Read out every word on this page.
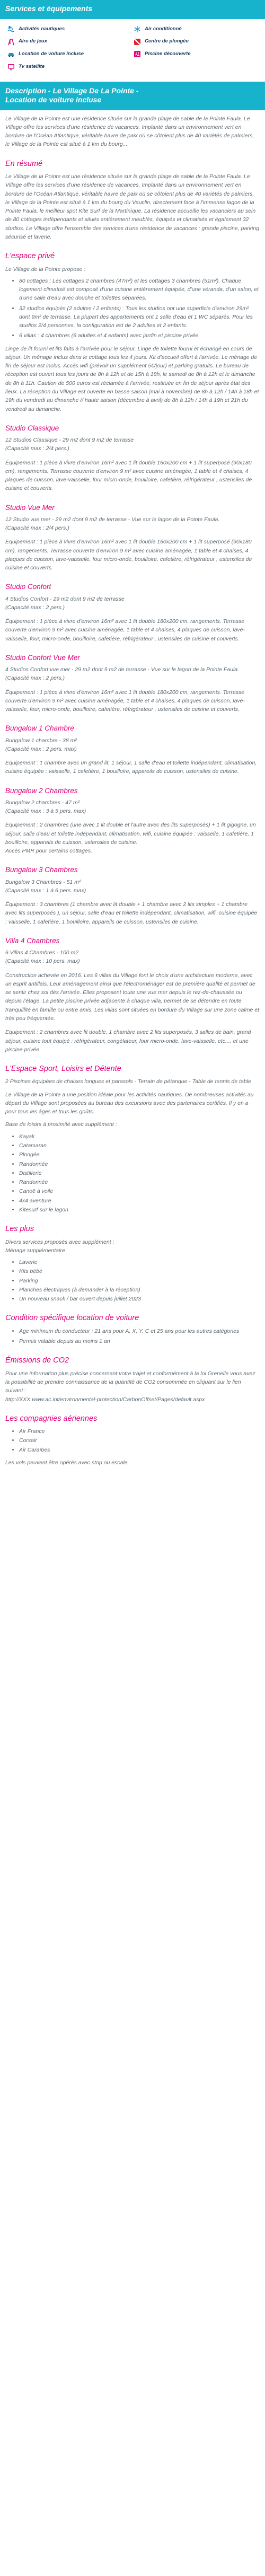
Services et équipements
Activités nautiques	Air conditionné
Aire de jeux	Centre de plongée
Location de voiture incluse	Piscine découverte
Tv satellite
Description - Le Village De La Pointe -
Location de voiture incluse

Le Village de la Pointe est une résidence située sur la grande plage de sable de la Pointe Faula. Le Village offre les services d'une résidence de vacances. Implanté dans un environnement vert en bordure de l'Océan Atlantique, véritable havre de paix où se côtoient plus de 40 variétés de palmiers, le Village de la Pointe est situé à 1 km du bourg...

En résumé

Le Village de la Pointe est une résidence située sur la grande plage de sable de la Pointe Faula. Le Village offre les services d'une résidence de vacances. Implanté dans un environnement vert en bordure de l'Océan Atlantique, véritable havre de paix où se côtoient plus de 40 variétés de palmiers, le Village de la Pointe est situé à 1 km du bourg du Vauclin, directement face à l'immense lagon de la Pointe Faula, le meilleur spot Kite Surf de la Martinique. La résidence accueille les vacanciers au sein de 80 cottages indépendants et situés entièrement meublés, équipés et climatisés et également 32 studios. Le Village offre l'ensemble des services d'une résidence de vacances : grande piscine, parking sécurisé et laverie.

L'espace privé

Le Village de la Pointe propose :

• 80 cottages : Les cottages 2 chambres (47m²) et les cottages 3 chambres (51m²). Chaque logement climatisé est composé d'une cuisine entièrement équipée, d'une véranda, d'un salon, et d'une salle d'eau avec douche et toilettes séparées.
• 32 studios équipés (2 adultes / 2 enfants) : Tous les studios ont une superficie d'environ 29m² dont 9m² de terrasse. La plupart des appartements ont 1 salle d'eau et 1 WC séparés. Pour les studios 2/4 personnes, la configuration est de 2 adultes et 2 enfants.
• 6 villas : 4 chambres (6 adultes et 4 enfants) avec jardin et piscine privée

Linge de lit fourni et lits faits à l'arrivée pour le séjour. Linge de toilette fourni et échangé en cours de séjour. Un ménage inclus dans le cottage tous les 4 jours. Kit d'accueil offert à l'arrivée. Le ménage de fin de séjour est inclus. Accès wifi (prévoir un supplément 5€/jour) et parking gratuits. Le bureau de réception est ouvert tous les jours de 8h à 12h et de 15h à 18h, le samedi de 8h à 12h et le dimanche de 8h à 11h. Caution de 500 euros est réclamée à l'arrivée, restituée en fin de séjour après état des lieux. La réception du Village est ouverte en basse saison (mai à novembre) de 8h à 12h / 14h à 18h et 19h du vendredi au dimanche // haute saison (décembre à avril) de 8h à 12h / 14h à 19h et 21h du vendredi au dimanche.

Studio Classique

12 Studios Classique - 29 m2 dont 9 m2 de terrasse

(Capacité max : 2/4 pers.)

Équipement : 1 pièce à vivre d'environ 16m² avec 1 lit double 160x200 cm + 1 lit superposé (90x180 cm), rangements. Terrasse couverte d'environ 9 m² avec cuisine aménagée, 1 table et 4 chaises, 4 plaques de cuisson, lave-vaisselle, four micro-onde, bouilloire, cafetière, réfrigérateur , ustensiles de cuisine et couverts.

Studio Vue Mer

12 Studio vue mer - 29 m2 dont 9 m2 de terrasse - Vue sur le lagon de la Pointe Faula.

(Capacité max : 2/4 pers.)

Equipement : 1 pièce à vivre d'environ 16m² avec 1 lit double 160x200 cm + 1 lit superposé (90x180 cm), rangements. Terrasse couverte d'environ 9 m² avec cuisine aménagée, 1 table et 4 chaises, 4 plaques de cuisson, lave-vaisselle, four micro-onde, bouilloire, cafetière, réfrigérateur , ustensiles de cuisine et couverts.

Studio Confort

4 Studios Confort - 29 m2 dont 9 m2 de terrasse

(Capacité max : 2 pers.)

Équipement : 1 pièce à vivre d'environ 16m² avec 1 lit double 180x200 cm, rangements. Terrasse couverte d'environ 9 m² avec cuisine aménagée, 1 table et 4 chaises, 4 plaques de cuisson, lave-vaisselle, four, micro-onde, bouilloire, cafetière, réfrigérateur , ustensiles de cuisine et couverts.

Studio Confort Vue Mer

4 Studios Confort vue mer - 29 m2 dont 9 m2 de terrasse - Vue sur le lagon de la Pointe Faula.

(Capacité max : 2 pers.)

Équipement : 1 pièce à vivre d'environ 16m² avec 1 lit double 180x200 cm, rangements. Terrasse couverte d'environ 9 m² avec cuisine aménagée, 1 table et 4 chaises, 4 plaques de cuisson, lave-vaisselle, four, micro-onde, bouilloire, cafetière, réfrigérateur , ustensiles de cuisine et couverts.

Bungalow 1 Chambre

Bungalow 1 chambre - 38 m²

(Capacité max : 2 pers. max)

Équipement : 1 chambre avec un grand lit, 1 séjour, 1 salle d'eau et toilette indépendant, climatisation, cuisine équipée : vaisselle, 1 cafetière, 1 bouilloire, appareils de cuisson, ustensiles de cuisine.

Bungalow 2 Chambres

Bungalow 2 chambres - 47 m²

(Capacité max : 3 à 5 pers. max)

Équipement : 2 chambres (une avec 1 lit double et l'autre avec des lits superposés) + 1 lit gigogne, un séjour, salle d'eau et toilette indépendant, climatisation, wifi, cuisine équipée : vaisselle, 1 cafetière, 1 bouilloire, appareils de cuisson, ustensiles de cuisine.

Accès PMR pour certains cottages.

Bungalow 3 Chambres

Bungalow 3 Chambres - 51 m²

(Capacité max : 1 à 6 pers. max)

Équipement : 3 chambres (1 chambre avec lit double + 1 chambre avec 2 lits simples + 1 chambre avec lits superposés ), un séjour, salle d'eau et toilette indépendant, climatisation, wifi, cuisine équipée : vaisselle, 1 cafetière, 1 bouilloire, appareils de cuisson, ustensiles de cuisine.

Villa 4 Chambres

6 Villas 4 Chambres - 100 m2

(Capacité max : 10 pers. max)

Construction achevée en 2016. Les 6 villas du Village font le choix d'une architecture moderne, avec un esprit antillais. Leur aménagement ainsi que l'électroménager est de première qualité et permet de se sentir chez soi dès l'arrivée. Elles proposent toute une vue mer depuis le rez-de-chaussée ou depuis l'étage. La petite piscine privée adjacente à chaque villa, permet de se détendre en toute tranquillité en famille ou entre amis. Les villas sont situées en bordure du Village sur une zone calme et très peu fréquentée.

Equipement : 2 chambres avec lit double, 1 chambre avec 2 lits superposés, 3 salles de bain, grand séjour, cuisine tout équipé : réfrigérateur, congélateur, four micro-onde, lave-vaisselle, etc..., et une piscine privée.

L'Espace Sport, Loisirs et Détente

2 Piscines équipées de chaises longues et parasols - Terrain de pétanque - Table de tennis de table

Le Village de la Pointe a une position idéale pour les activités nautiques. De nombreuses activités au départ du Village sont proposées au bureau des excursions avec des partenaires certifiés. Il y en a pour tous les âges et tous les goûts.

Base de loisirs à proximité avec supplément :

• Kayak
• Catamaran
• Plongée
• Randonnée
• Distillerie
• Randonnée
• Canoë à voile
• 4x4 aventure
• Kitesurf sur le lagon
Les plus

Divers services proposés avec supplément :

Ménage supplémentaire

• Laverie
• Kits bébé
• Parking
• Planches électriques (à demander à la réception)
• Un nouveau snack / bar ouvert depuis juillet 2023
Condition spécifique location de voiture
• Age minimum du conducteur : 21 ans pour A, X, Y, C et 25 ans pour les autres catégories
• Permis valable depuis au moins 1 an
Émissions de CO2

Pour une information plus précise concernant votre trajet et conformément à la loi Grenelle vous avez la possibilité de prendre connaissance de la quantité de CO2 consommée en cliquant sur le lien suivant :

http://XXX.www.ac.int/environmental-protection/CarbonOffset/Pages/default.aspx

Les compagnies aériennes
• Air France
• Corsair
• Air Caraïbes

Les vols peuvent être opérés avec stop ou escale.
